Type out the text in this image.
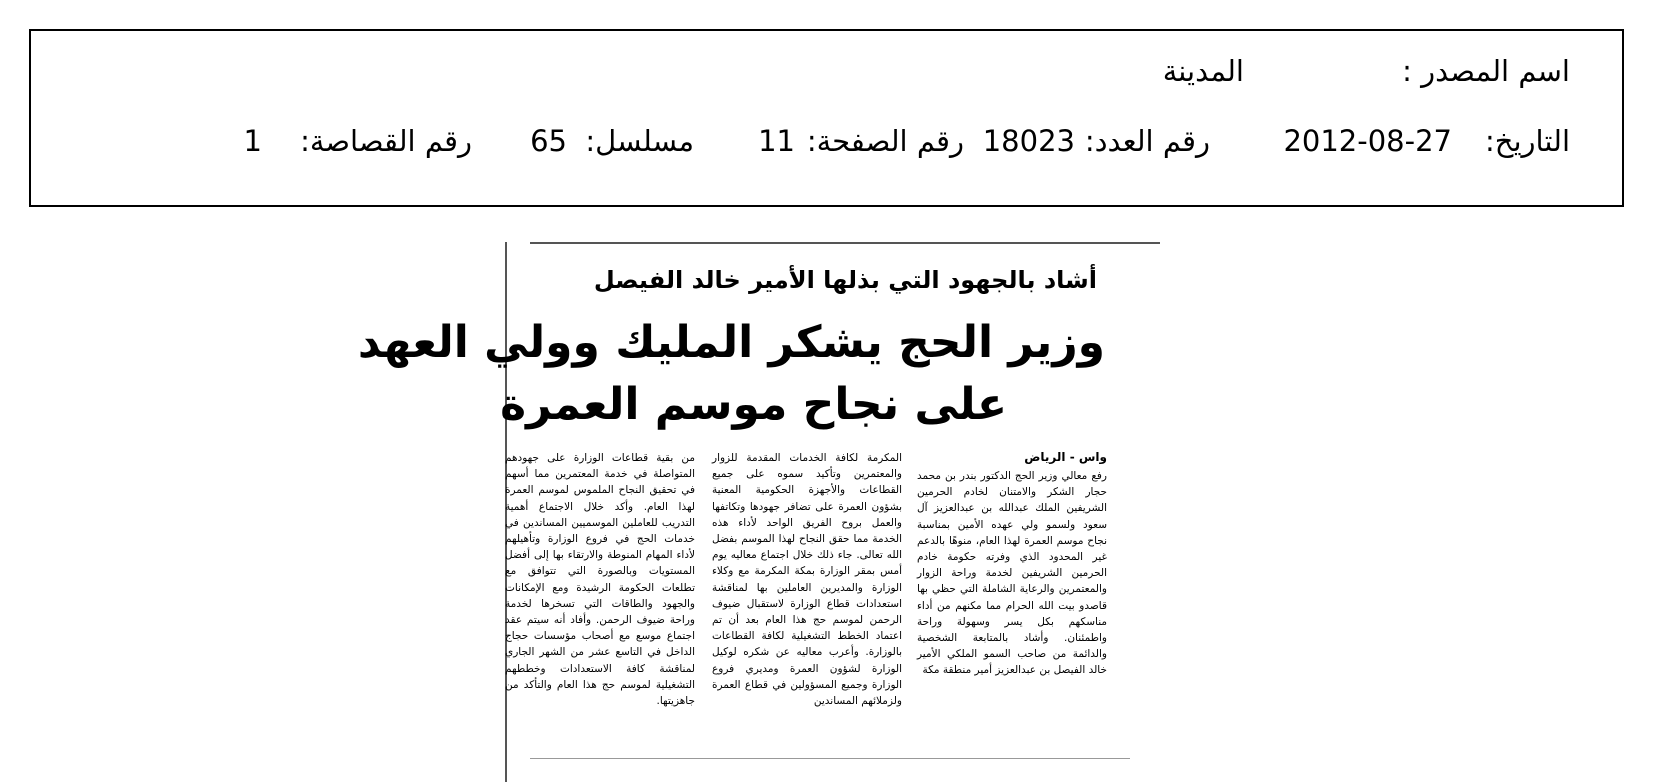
اسم المصدر :
المدينة
التاريخ:
2012-08-27
رقم العدد:
18023
رقم الصفحة:
11
مسلسل:
65
رقم القصاصة:
1
أشاد بالجهود التي بذلها الأمير خالد الفيصل
وزير الحج يشكر المليك وولي العهد
على نجاح موسم العمرة
واس - الرياض
رفع معالي وزير الحج الدكتور بندر بن محمد حجار الشكر والامتنان لخادم الحرمين الشريفين الملك عبدالله بن عبدالعزيز آل سعود ولسمو ولي عهده الأمين بمناسبة نجاح موسم العمرة لهذا العام، منوهًا بالدعم غير المحدود الذي وفرته حكومة خادم الحرمين الشريفين لخدمة وراحة الزوار والمعتمرين والرعاية الشاملة التي حظي بها قاصدو بيت الله الحرام مما مكنهم من أداء مناسكهم بكل يسر وسهولة وراحة واطمئنان. وأشاد بالمتابعة الشخصية والدائمة من صاحب السمو الملكي الأمير خالد الفيصل بن عبدالعزيز أمير منطقة مكة
المكرمة لكافة الخدمات المقدمة للزوار والمعتمرين وتأكيد سموه على جميع القطاعات والأجهزة الحكومية المعنية بشؤون العمرة على تضافر جهودها وتكاتفها والعمل بروح الفريق الواحد لأداء هذه الخدمة مما حقق النجاح لهذا الموسم بفضل الله تعالى. جاء ذلك خلال اجتماع معاليه يوم أمس بمقر الوزارة بمكة المكرمة مع وكلاء الوزارة والمديرين العاملين بها لمناقشة استعدادات قطاع الوزارة لاستقبال ضيوف الرحمن لموسم حج هذا العام بعد أن تم اعتماد الخطط التشغيلية لكافة القطاعات بالوزارة. وأعرب معاليه عن شكره لوكيل الوزارة لشؤون العمرة ومديري فروع الوزارة وجميع المسؤولين في قطاع العمرة ولزملائهم المساندين
من بقية قطاعات الوزارة على جهودهم المتواصلة في خدمة المعتمرين مما أسهم في تحقيق النجاح الملموس لموسم العمرة لهذا العام. وأكد خلال الاجتماع أهمية التدريب للعاملين الموسميين المساندين في خدمات الحج في فروع الوزارة وتأهيلهم لأداء المهام المنوطة والارتقاء بها إلى أفضل المستويات وبالصورة التي تتوافق مع تطلعات الحكومة الرشيدة ومع الإمكانات والجهود والطاقات التي تسخرها لخدمة وراحة ضيوف الرحمن. وأفاد أنه سيتم عقد اجتماع موسع مع أصحاب مؤسسات حجاج الداخل في التاسع عشر من الشهر الجاري لمناقشة كافة الاستعدادات وخططهم التشغيلية لموسم حج هذا العام والتأكد من جاهزيتها.
